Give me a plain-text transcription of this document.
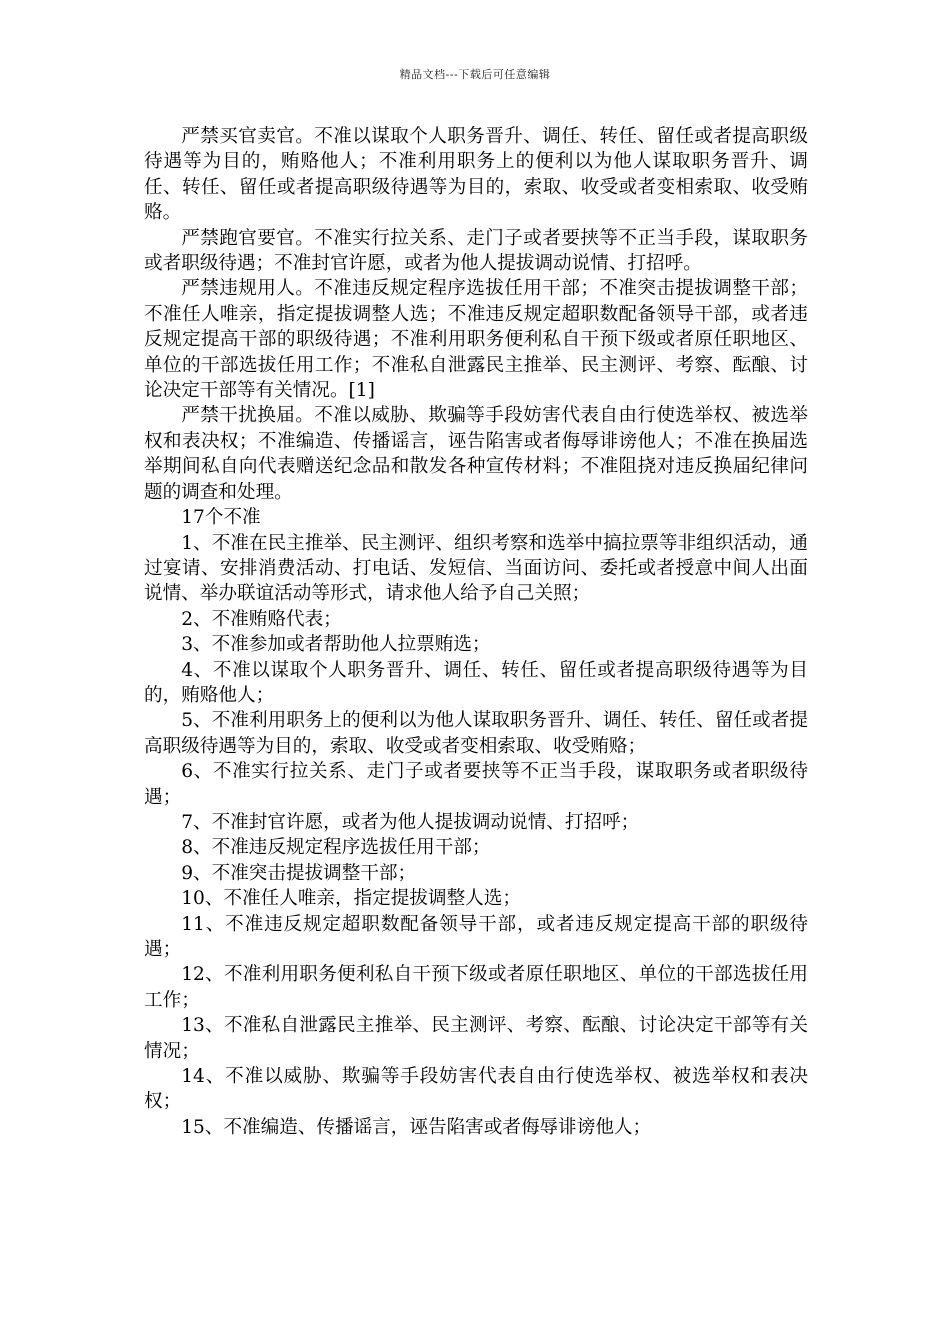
精品文档---下载后可任意编辑

严禁买官卖官。不准以谋取个人职务晋升、调任、转任、留任或者提高职级待遇等为目的，贿赂他人；不准利用职务上的便利以为他人谋取职务晋升、调任、转任、留任或者提高职级待遇等为目的，索取、收受或者变相索取、收受贿赂。

严禁跑官要官。不准实行拉关系、走门子或者要挟等不正当手段，谋取职务或者职级待遇；不准封官许愿，或者为他人提拔调动说情、打招呼。

严禁违规用人。不准违反规定程序选拔任用干部；不准突击提拔调整干部；不准任人唯亲，指定提拔调整人选；不准违反规定超职数配备领导干部，或者违反规定提高干部的职级待遇；不准利用职务便利私自干预下级或者原任职地区、单位的干部选拔任用工作；不准私自泄露民主推举、民主测评、考察、酝酿、讨论决定干部等有关情况。[1]

严禁干扰换届。不准以威胁、欺骗等手段妨害代表自由行使选举权、被选举权和表决权；不准编造、传播谣言，诬告陷害或者侮辱诽谤他人；不准在换届选举期间私自向代表赠送纪念品和散发各种宣传材料；不准阻挠对违反换届纪律问题的调查和处理。

17个不准

1、不准在民主推举、民主测评、组织考察和选举中搞拉票等非组织活动，通过宴请、安排消费活动、打电话、发短信、当面访问、委托或者授意中间人出面说情、举办联谊活动等形式，请求他人给予自己关照；

2、不准贿赂代表；

3、不准参加或者帮助他人拉票贿选；

4、不准以谋取个人职务晋升、调任、转任、留任或者提高职级待遇等为目的，贿赂他人；

5、不准利用职务上的便利以为他人谋取职务晋升、调任、转任、留任或者提高职级待遇等为目的，索取、收受或者变相索取、收受贿赂；

6、不准实行拉关系、走门子或者要挟等不正当手段，谋取职务或者职级待遇；

7、不准封官许愿，或者为他人提拔调动说情、打招呼；

8、不准违反规定程序选拔任用干部；

9、不准突击提拔调整干部；

10、不准任人唯亲，指定提拔调整人选；

11、不准违反规定超职数配备领导干部，或者违反规定提高干部的职级待遇；

12、不准利用职务便利私自干预下级或者原任职地区、单位的干部选拔任用工作；

13、不准私自泄露民主推举、民主测评、考察、酝酿、讨论决定干部等有关情况；

14、不准以威胁、欺骗等手段妨害代表自由行使选举权、被选举权和表决权；

15、不准编造、传播谣言，诬告陷害或者侮辱诽谤他人；
